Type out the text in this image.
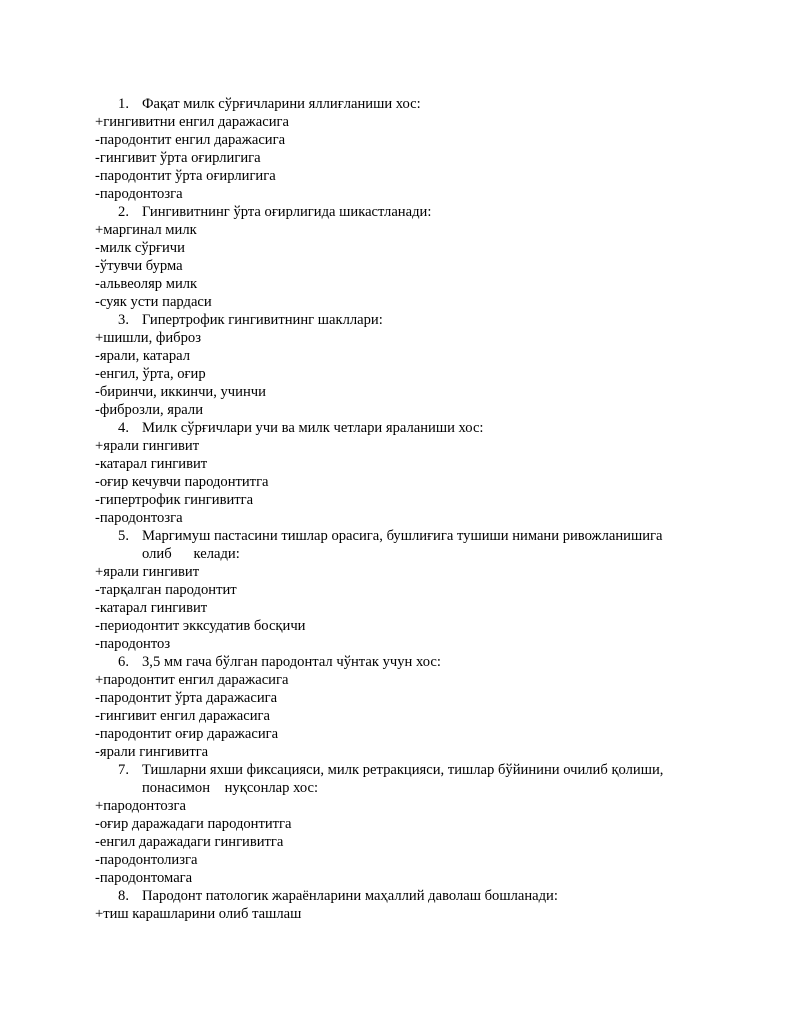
1. Фақат милк сўрғичларини яллиғланиши хос:
+гингивитни енгил даражасига
-пародонтит енгил даражасига
-гингивит ўрта оғирлигига
-пародонтит ўрта оғирлигига
-пародонтозга
2. Гингивитнинг ўрта оғирлигида шикастланади:
+маргинал милк
-милк сўрғичи
-ўтувчи бурма
-альвеоляр милк
-суяк усти пардаси
3. Гипертрофик гингивитнинг шакллари:
+шишли, фиброз
-ярали, катарал
-енгил, ўрта, оғир
-биринчи, иккинчи, учинчи
-фиброзли, ярали
4. Милк сўрғичлари учи ва милк четлари яраланиши хос:
+ярали гингивит
-катарал гингивит
-оғир кечувчи пародонтитга
-гипертрофик гингивитга
-пародонтозга
5. Маргимуш пастасини тишлар орасига, бушлиғига тушиши нимани ривожланишига
олиб      келади:
+ярали гингивит
-тарқалган пародонтит
-катарал гингивит
-периодонтит экксудатив босқичи
-пародонтоз
6. 3,5 мм гача бўлган пародонтал чўнтак учун хос:
+пародонтит енгил даражасига
-пародонтит ўрта даражасига
-гингивит енгил даражасига
-пародонтит оғир даражасига
-ярали гингивитга
7. Тишларни яхши фиксацияси, милк ретракцияси, тишлар бўйинини очилиб қолиши,
понасимон    нуқсонлар хос:
+пародонтозга
-оғир даражадаги пародонтитга
-енгил даражадаги гингивитга
-пародонтолизга
-пародонтомага
8. Пародонт патологик жараёнларини маҳаллий даволаш бошланади:
+тиш карашларини олиб ташлаш
